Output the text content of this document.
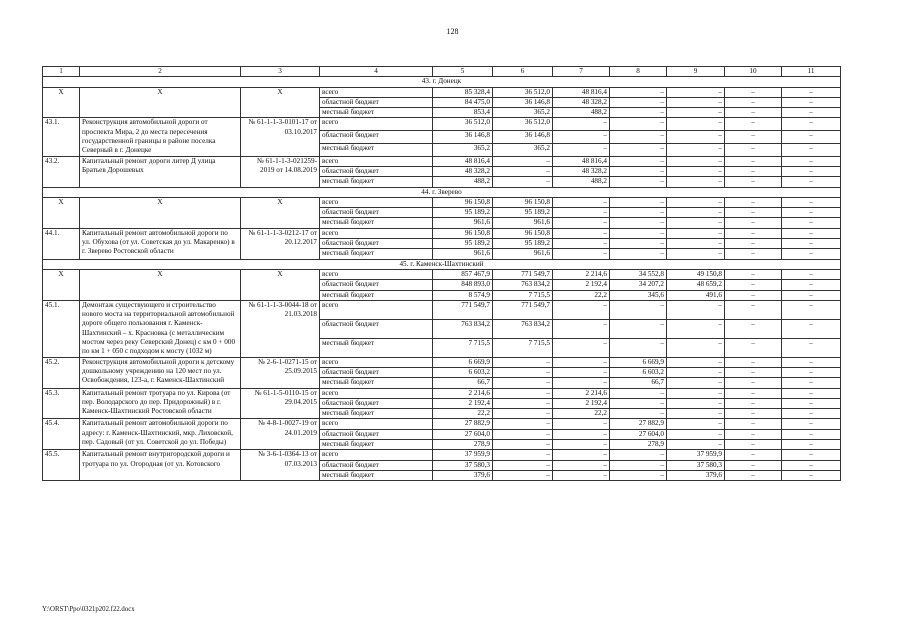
128
1	2	3	4	5	6	7	8	9	10	11
43. г. Донецк										
X	X	X	всего	85 328,4	36 512,0	48 816,4	–	–	–	–
			областной бюджет	84 475,0	36 146,8	48 328,2	–	–	–	–
			местный бюджет	853,4	365,2	488,2	–	–	–	–
43.1.	Реконструкция автомобильной дороги от проспекта Мира, 2 до места пересечения государственной границы в районе поселка Северный в г. Донецке	№ 61-1-1-3-0101-17 от 03.10.2017	всего	36 512,0	36 512,0	–	–	–	–	–
			областной бюджет	36 146,8	36 146,8	–	–	–	–	–
			местный бюджет	365,2	365,2	–	–	–	–	–
43.2.	Капитальный ремонт дороги литер Д улица Братьев Дорошевых	№ 61-1-1-3-021259-2019 от 14.08.2019	всего	48 816,4	–	48 816,4	–	–	–	–
			областной бюджет	48 328,2	–	48 328,2	–	–	–	–
			местный бюджет	488,2	–	488,2	–	–	–	–
44. г. Зверево										
X	X	X	всего	96 150,8	96 150,8	–	–	–	–	–
			областной бюджет	95 189,2	95 189,2	–	–	–	–	–
			местный бюджет	961,6	961,6	–	–	–	–	–
44.1.	Капитальный ремонт автомобильной дороги по ул. Обухова (от ул. Советская до ул. Макаренко) в г. Зверево Ростовской области	№ 61-1-1-3-0212-17 от 20.12.2017	всего	96 150,8	96 150,8	–	–	–	–	–
			областной бюджет	95 189,2	95 189,2	–	–	–	–	–
			местный бюджет	961,6	961,6	–	–	–	–	–
45. г. Каменск-Шахтинский										
X	X	X	всего	857 467,9	771 549,7	2 214,6	34 552,8	49 150,8	–	–
			областной бюджет	848 893,0	763 834,2	2 192,4	34 207,2	48 659,2	–	–
			местный бюджет	8 574,9	7 715,5	22,2	345,6	491,6	–	–
45.1.	Демонтаж существующего и строительство нового моста на территориальной автомобильной дороге общего пользования г. Каменск-Шахтинский – х. Красновка (с металлическим мостом через реку Северский Донец) с км 0 + 000 по км 1 + 050 с подходом к мосту (1032 м)	№ 61-1-1-3-0044-18 от 21.03.2018	всего	771 549,7	771 549,7	–	–	–	–	–
			областной бюджет	763 834,2	763 834,2	–	–	–	–	–
			местный бюджет	7 715,5	7 715,5	–	–	–	–	–
45.2.	Реконструкция автомобильной дороги к детскому дошкольному учреждению на 120 мест по ул. Освобождения, 123-а, г. Каменск-Шахтинский	№ 2-6-1-0271-15 от 25.09.2015	всего	6 669,9	–	–	6 669,9	–	–	–
			областной бюджет	6 603,2	–	–	6 603,2	–	–	–
			местный бюджет	66,7	–	–	66,7	–	–	–
45.3.	Капитальный ремонт тротуара по ул. Кирова (от пер. Володарского до пер. Придорожный) в г. Каменск-Шахтинский Ростовской области	№ 61-1-5-0110-15 от 29.04.2015	всего	2 214,6	–	2 214,6	–	–	–	–
			областной бюджет	2 192,4	–	2 192,4	–	–	–	–
			местный бюджет	22,2	–	22,2	–	–	–	–
45.4.	Капитальный ремонт автомобильной дороги по адресу: г. Каменск-Шахтинский, мкр. Лиховской, пер. Садовый (от ул. Советской до ул. Победы)	№ 4-8-1-0027-19 от 24.01.2019	всего	27 882,9	–	–	27 882,9	–	–	–
			областной бюджет	27 604,0	–	–	27 604,0	–	–	–
			местный бюджет	278,9	–	–	278,9	–	–	–
45.5.	Капитальный ремонт внутригородской дороги и тротуара по ул. Огородная (от ул. Котовского	№ 3-6-1-0364-13 от 07.03.2013	всего	37 959,9	–	–	–	37 959,9	–	–
			областной бюджет	37 580,3	–	–	–	37 580,3	–	–
			местный бюджет	379,6	–	–	–	379,6	–	–
Y:\ORST\Ppo\0321p202.f22.docx
